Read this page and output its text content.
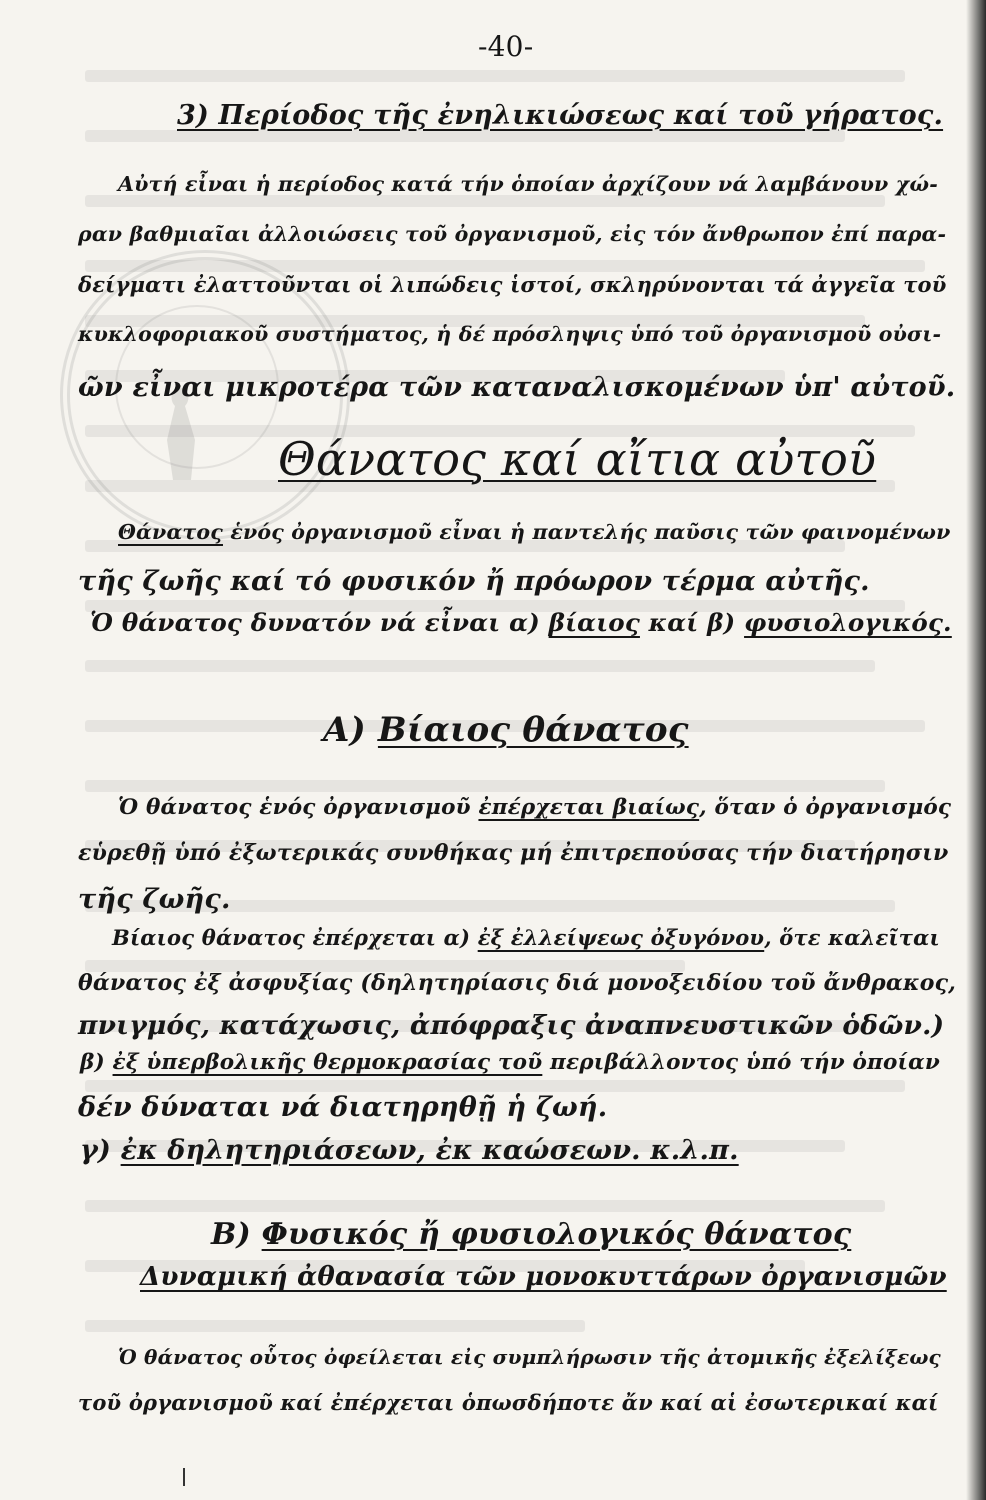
-40-
3) Περίοδος τῆς ἐνηλικιώσεως καί τοῦ γήρατος.
Αὐτή εἶναι ἡ περίοδος κατά τήν ὁποίαν ἀρχίζουν νά λαμβάνουν χώ-
ραν βαθμιαῖαι ἀλλοιώσεις τοῦ ὀργανισμοῦ, εἰς τόν ἄνθρωπον ἐπί παρα-
δείγματι ἐλαττοῦνται οἱ λιπώδεις ἱστοί, σκληρύνονται τά ἀγγεῖα τοῦ
κυκλοφοριακοῦ συστήματος, ἡ δέ πρόσληψις ὑπό τοῦ ὀργανισμοῦ οὐσι-
ῶν εἶναι μικροτέρα τῶν καταναλισκομένων ὑπ' αὐτοῦ.
Θάνατος καί αἴτια αὐτοῦ
Θάνατος ἑνός ὀργανισμοῦ εἶναι ἡ παντελής παῦσις τῶν φαινομένων
τῆς ζωῆς καί τό φυσικόν ἤ πρόωρον τέρμα αὐτῆς.
Ὁ θάνατος δυνατόν νά εἶναι α) βίαιος καί β) φυσιολογικός.
Α) Βίαιος θάνατος
Ὁ θάνατος ἑνός ὀργανισμοῦ ἐπέρχεται βιαίως, ὅταν ὁ ὀργανισμός
εὑρεθῇ ὑπό ἐξωτερικάς συνθήκας μή ἐπιτρεπούσας τήν διατήρησιν
τῆς ζωῆς.
Βίαιος θάνατος ἐπέρχεται α) ἐξ ἐλλείψεως ὀξυγόνου, ὅτε καλεῖται
θάνατος ἐξ ἀσφυξίας (δηλητηρίασις διά μονοξειδίου τοῦ ἄνθρακος,
πνιγμός, κατάχωσις, ἀπόφραξις ἀναπνευστικῶν ὁδῶν.)
β) ἐξ ὑπερβολικῆς θερμοκρασίας τοῦ περιβάλλοντος ὑπό τήν ὁποίαν
δέν δύναται νά διατηρηθῇ ἡ ζωή.
γ) ἐκ δηλητηριάσεων, ἐκ καώσεων. κ.λ.π.
Β) Φυσικός ἤ φυσιολογικός θάνατος
Δυναμική ἀθανασία τῶν μονοκυττάρων ὀργανισμῶν
Ὁ θάνατος οὗτος ὀφείλεται εἰς συμπλήρωσιν τῆς ἀτομικῆς ἐξελίξεως
τοῦ ὀργανισμοῦ καί ἐπέρχεται ὁπωσδήποτε ἄν καί αἱ ἐσωτερικαί καί
